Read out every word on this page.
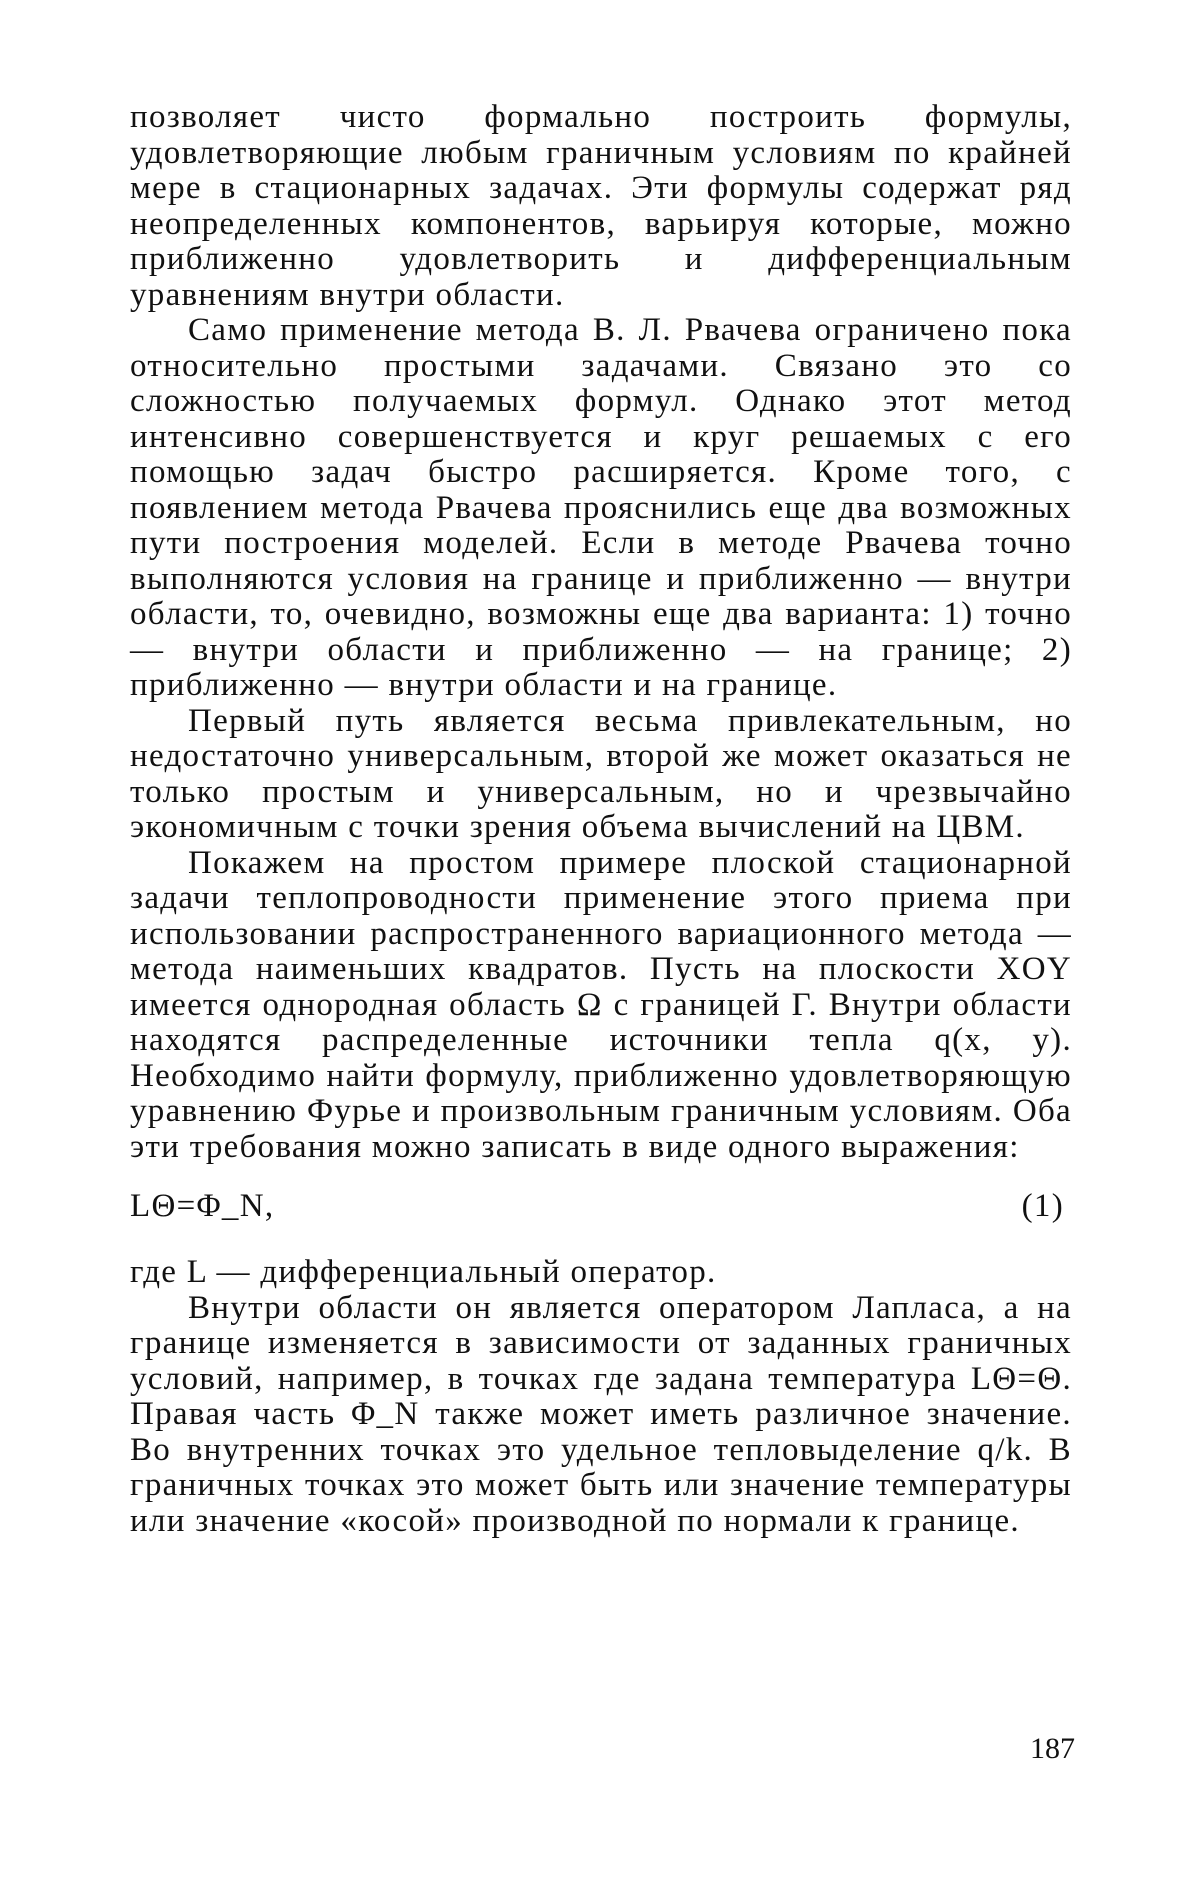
позволяет чисто формально построить формулы, удовлетворяющие любым граничным условиям по крайней мере в стационарных задачах. Эти формулы содержат ряд неопределенных компонентов, варьируя которые, можно приближенно удовлетворить и дифференциальным уравнениям внутри области.

Само применение метода В. Л. Рвачева ограничено пока относительно простыми задачами. Связано это со сложностью получаемых формул. Однако этот метод интенсивно совершенствуется и круг решаемых с его помощью задач быстро расширяется. Кроме того, с появлением метода Рвачева прояснились еще два возможных пути построения моделей. Если в методе Рвачева точно выполняются условия на границе и приближенно — внутри области, то, очевидно, возможны еще два варианта: 1) точно — внутри области и приближенно — на границе; 2) приближенно — внутри области и на границе.

Первый путь является весьма привлекательным, но недостаточно универсальным, второй же может оказаться не только простым и универсальным, но и чрезвычайно экономичным с точки зрения объема вычислений на ЦВМ.

Покажем на простом примере плоской стационарной задачи теплопроводности применение этого приема при использовании распространенного вариационного метода — метода наименьших квадратов. Пусть на плоскости XOY имеется однородная область Ω с границей Г. Внутри области находятся распределенные источники тепла q(x, y). Необходимо найти формулу, приближенно удовлетворяющую уравнению Фурье и произвольным граничным условиям. Оба эти требования можно записать в виде одного выражения:

LΘ=Φ_N,	(1)

где L — дифференциальный оператор.

Внутри области он является оператором Лапласа, а на границе изменяется в зависимости от заданных граничных условий, например, в точках где задана температура LΘ=Θ. Правая часть Φ_N также может иметь различное значение. Во внутренних точках это удельное тепловыделение q/k. В граничных точках это может быть или значение температуры или значение «косой» производной по нормали к границе.

187
